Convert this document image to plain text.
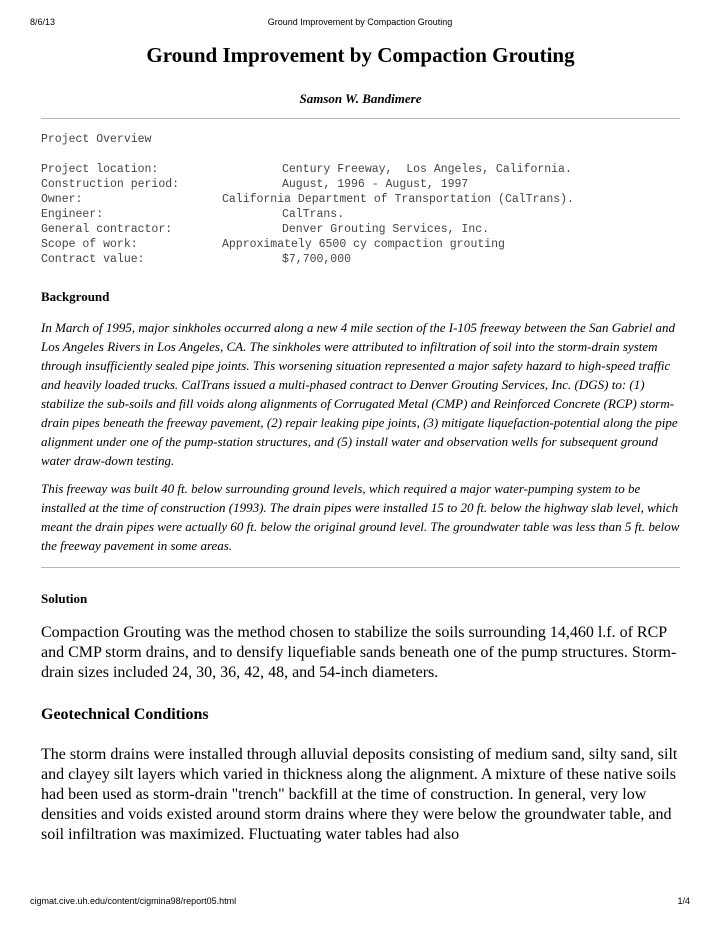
8/6/13	Ground Improvement by Compaction Grouting
Ground Improvement by Compaction Grouting
Samson W. Bandimere
Project Overview
Project location:	Century Freeway,  Los Angeles, California.
Construction period:	August, 1996 - August, 1997
Owner:	California Department of Transportation (CalTrans).
Engineer:	CalTrans.
General contractor:	Denver Grouting Services, Inc.
Scope of work:	Approximately 6500 cy compaction grouting
Contract value:	$7,700,000
Background

In March of 1995, major sinkholes occurred along a new 4 mile section of the I-105 freeway between the San Gabriel and Los Angeles Rivers in Los Angeles, CA. The sinkholes were attributed to infiltration of soil into the storm-drain system through insufficiently sealed pipe joints. This worsening situation represented a major safety hazard to high-speed traffic and heavily loaded trucks. CalTrans issued a multi-phased contract to Denver Grouting Services, Inc. (DGS) to: (1) stabilize the sub-soils and fill voids along alignments of Corrugated Metal (CMP) and Reinforced Concrete (RCP) storm-drain pipes beneath the freeway pavement, (2) repair leaking pipe joints, (3) mitigate liquefaction-potential along the pipe alignment under one of the pump-station structures, and (5) install water and observation wells for subsequent ground water draw-down testing.

This freeway was built 40 ft. below surrounding ground levels, which required a major water-pumping system to be installed at the time of construction (1993). The drain pipes were installed 15 to 20 ft. below the highway slab level, which meant the drain pipes were actually 60 ft. below the original ground level. The groundwater table was less than 5 ft. below the freeway pavement in some areas.

Solution

Compaction Grouting was the method chosen to stabilize the soils surrounding 14,460 l.f. of RCP and CMP storm drains, and to densify liquefiable sands beneath one of the pump structures. Storm-drain sizes included 24, 30, 36, 42, 48, and 54-inch diameters.

Geotechnical Conditions

The storm drains were installed through alluvial deposits consisting of medium sand, silty sand, silt and clayey silt layers which varied in thickness along the alignment. A mixture of these native soils had been used as storm-drain "trench" backfill at the time of construction. In general, very low densities and voids existed around storm drains where they were below the groundwater table, and soil infiltration was maximized. Fluctuating water tables had also

cigmat.cive.uh.edu/content/cigmina98/report05.html	1/4
